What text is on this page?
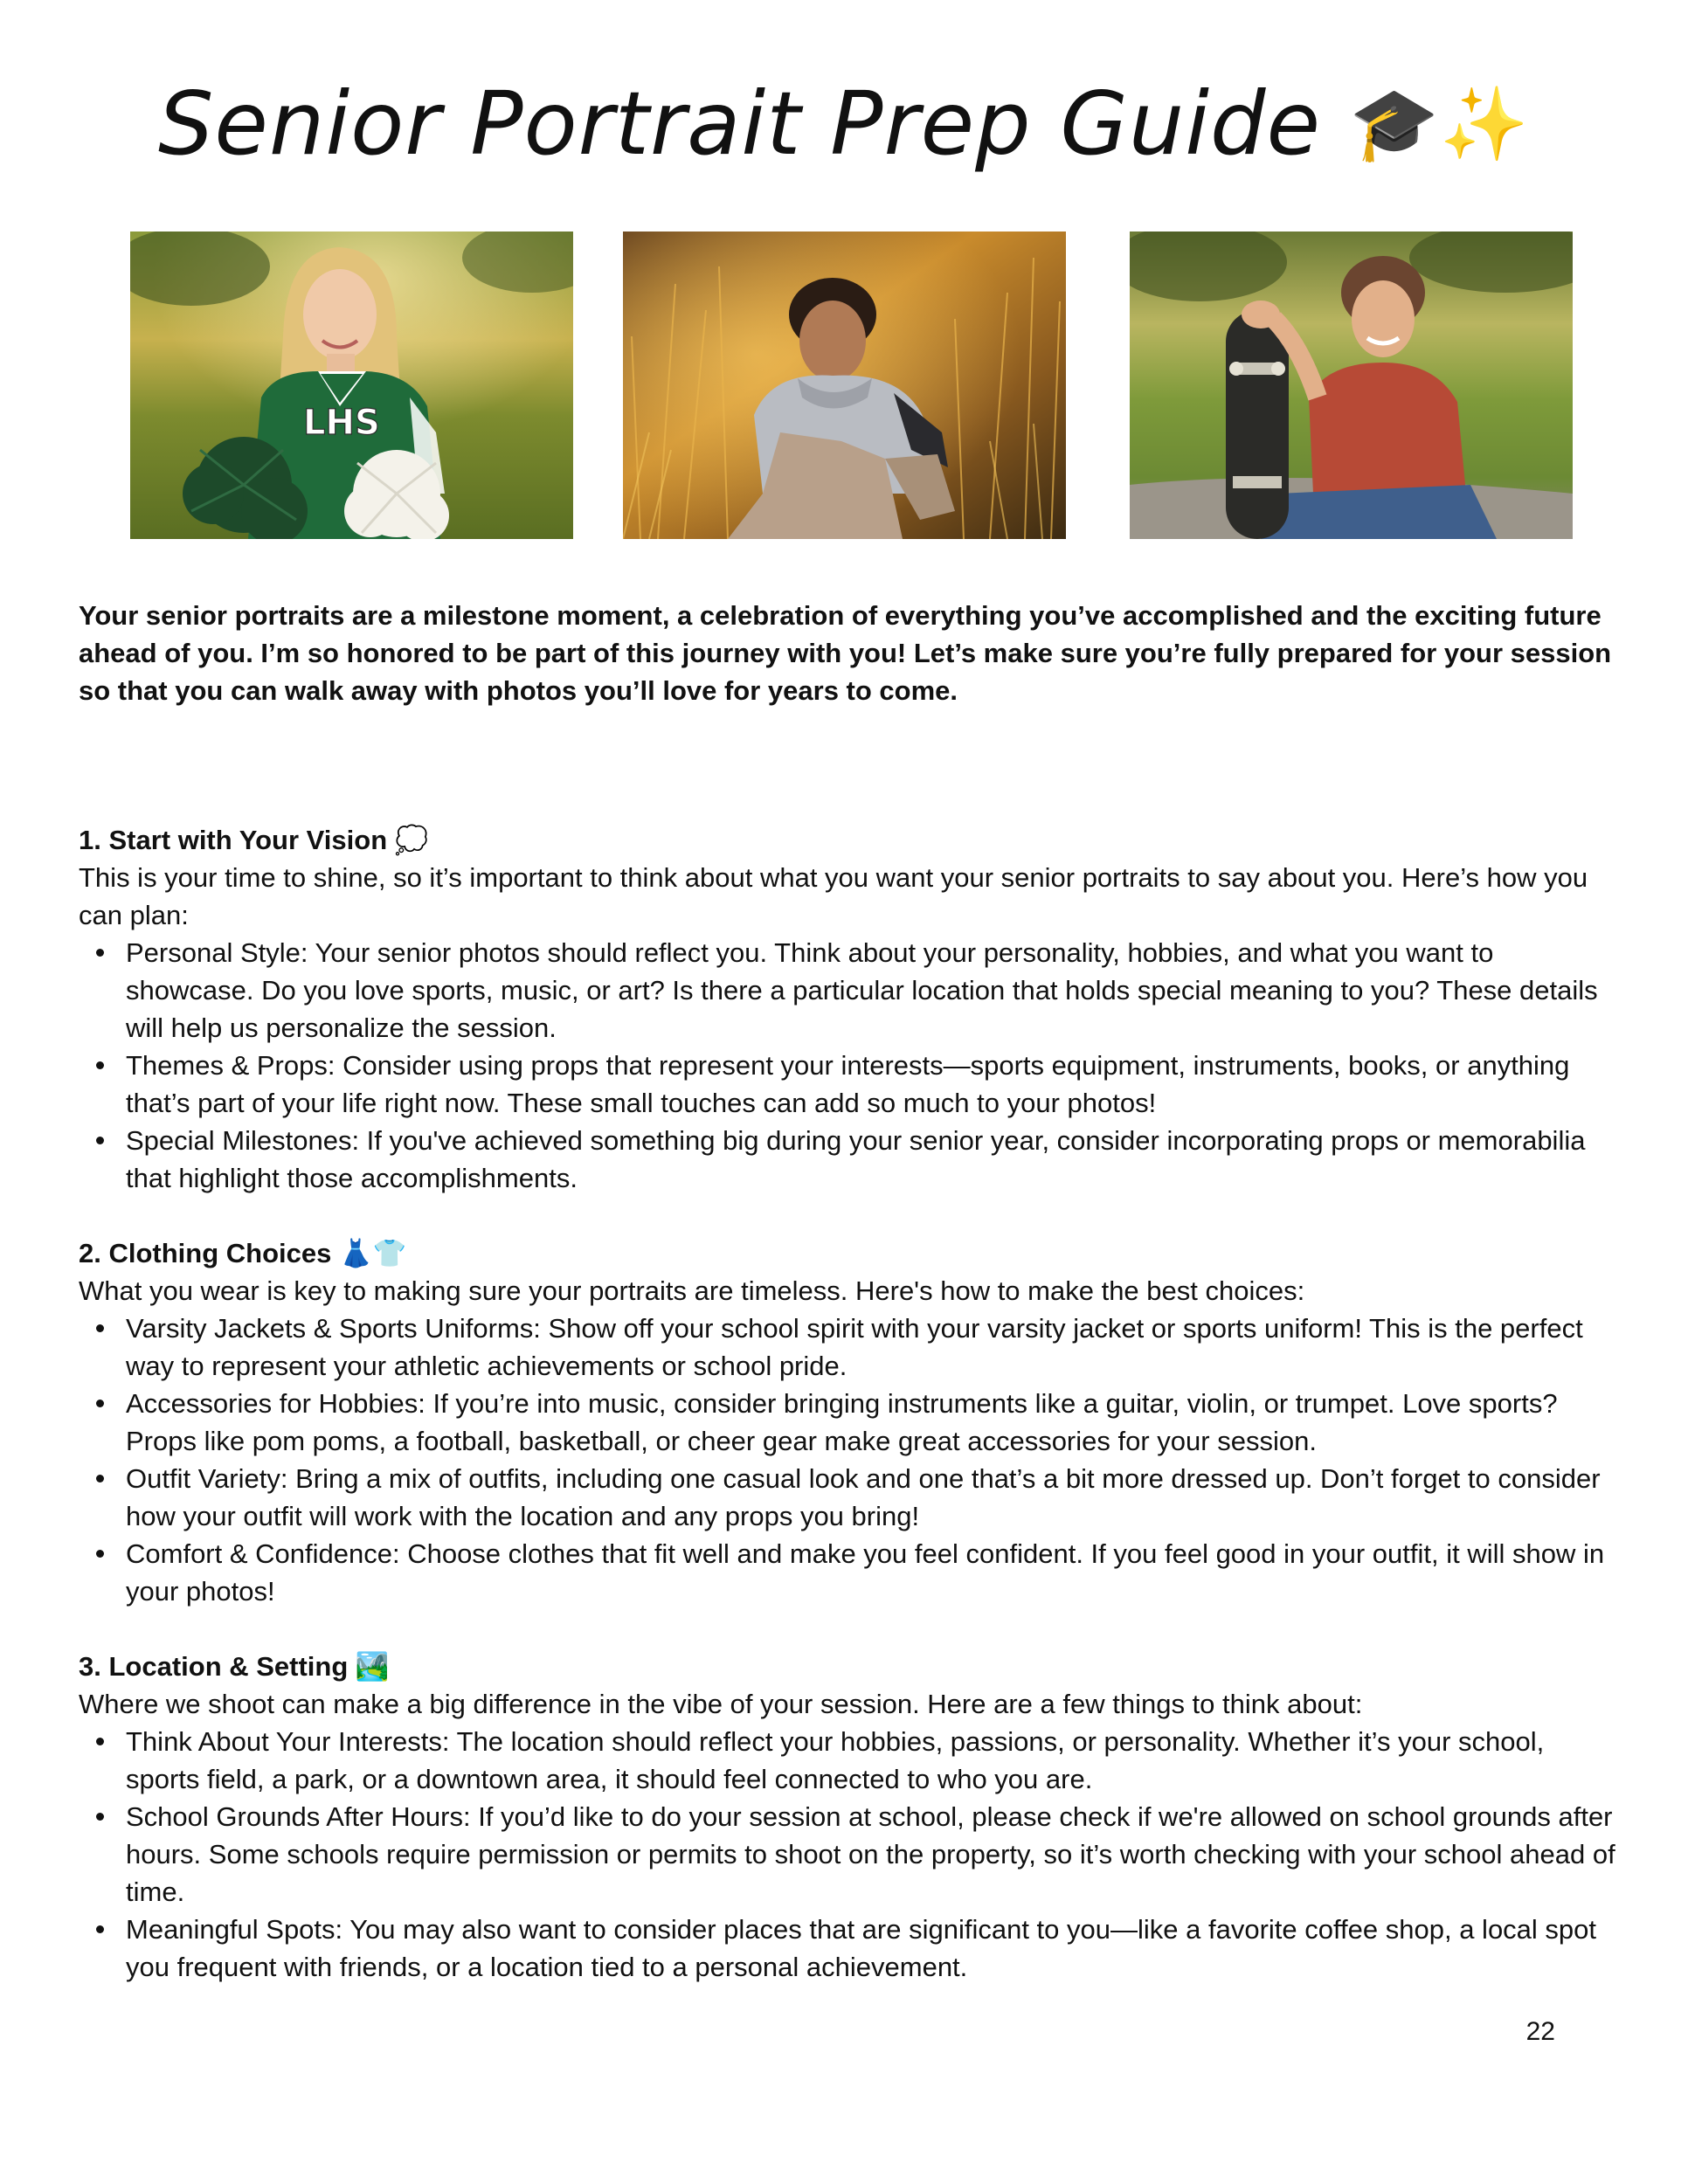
Senior Portrait Prep Guide 🎓✨
LHS

Your senior portraits are a milestone moment, a celebration of everything you’ve accomplished and the exciting future ahead of you. I’m so honored to be part of this journey with you! Let’s make sure you’re fully prepared for your session so that you can walk away with photos you’ll love for years to come.

1. Start with Your Vision 💭

This is your time to shine, so it’s important to think about what you want your senior portraits to say about you. Here’s how you can plan:

Personal Style: Your senior photos should reflect you. Think about your personality, hobbies, and what you want to showcase. Do you love sports, music, or art? Is there a particular location that holds special meaning to you? These details will help us personalize the session.
Themes & Props: Consider using props that represent your interests—sports equipment, instruments, books, or anything that’s part of your life right now. These small touches can add so much to your photos!
Special Milestones: If you've achieved something big during your senior year, consider incorporating props or memorabilia that highlight those accomplishments.
2. Clothing Choices 👗👕

What you wear is key to making sure your portraits are timeless. Here's how to make the best choices:

Varsity Jackets & Sports Uniforms: Show off your school spirit with your varsity jacket or sports uniform! This is the perfect way to represent your athletic achievements or school pride.
Accessories for Hobbies: If you’re into music, consider bringing instruments like a guitar, violin, or trumpet. Love sports? Props like pom poms, a football, basketball, or cheer gear make great accessories for your session.
Outfit Variety: Bring a mix of outfits, including one casual look and one that’s a bit more dressed up. Don’t forget to consider how your outfit will work with the location and any props you bring!
Comfort & Confidence: Choose clothes that fit well and make you feel confident. If you feel good in your outfit, it will show in your photos!
3. Location & Setting 🏞️

Where we shoot can make a big difference in the vibe of your session. Here are a few things to think about:

Think About Your Interests: The location should reflect your hobbies, passions, or personality. Whether it’s your school, sports field, a park, or a downtown area, it should feel connected to who you are.
School Grounds After Hours: If you’d like to do your session at school, please check if we're allowed on school grounds after hours. Some schools require permission or permits to shoot on the property, so it’s worth checking with your school ahead of time.
Meaningful Spots: You may also want to consider places that are significant to you—like a favorite coffee shop, a local spot you frequent with friends, or a location tied to a personal achievement.
22
